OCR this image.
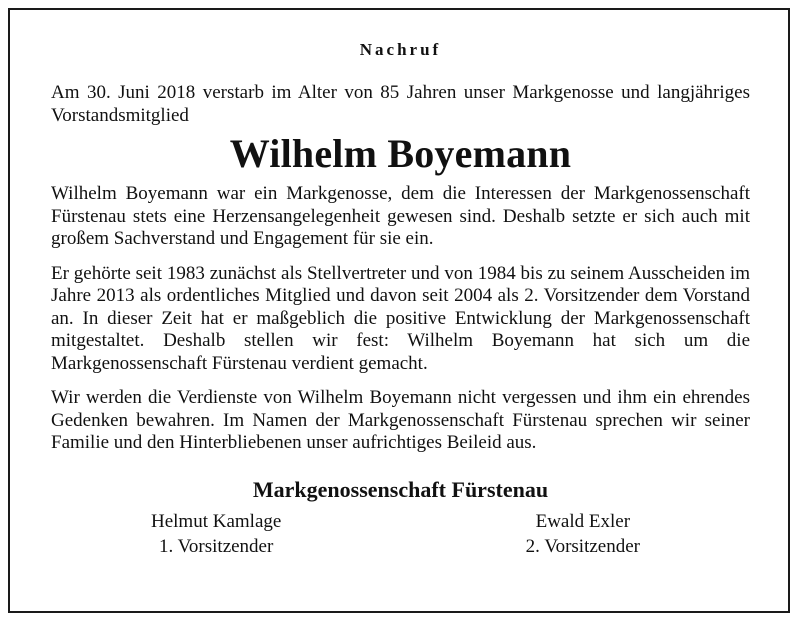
Nachruf

Am 30. Juni 2018 verstarb im Alter von 85 Jahren unser Markgenosse und langjähriges Vorstandsmitglied

Wilhelm Boyemann

Wilhelm Boyemann war ein Markgenosse, dem die Interessen der Markgenossenschaft Fürstenau stets eine Herzensangelegenheit gewesen sind. Deshalb setzte er sich auch mit großem Sachverstand und Engagement für sie ein.

Er gehörte seit 1983 zunächst als Stellvertreter und von 1984 bis zu seinem Ausscheiden im Jahre 2013 als ordentliches Mitglied und davon seit 2004 als 2. Vorsitzender dem Vorstand an. In dieser Zeit hat er maßgeblich die positive Entwicklung der Markgenossenschaft mitgestaltet. Deshalb stellen wir fest: Wilhelm Boyemann hat sich um die Markgenossenschaft Fürstenau verdient gemacht.

Wir werden die Verdienste von Wilhelm Boyemann nicht vergessen und ihm ein ehrendes Gedenken bewahren. Im Namen der Markgenossenschaft Fürstenau sprechen wir seiner Familie und den Hinterbliebenen unser aufrichtiges Beileid aus.

Markgenossenschaft Fürstenau
Helmut Kamlage
1. Vorsitzender
Ewald Exler
2. Vorsitzender
